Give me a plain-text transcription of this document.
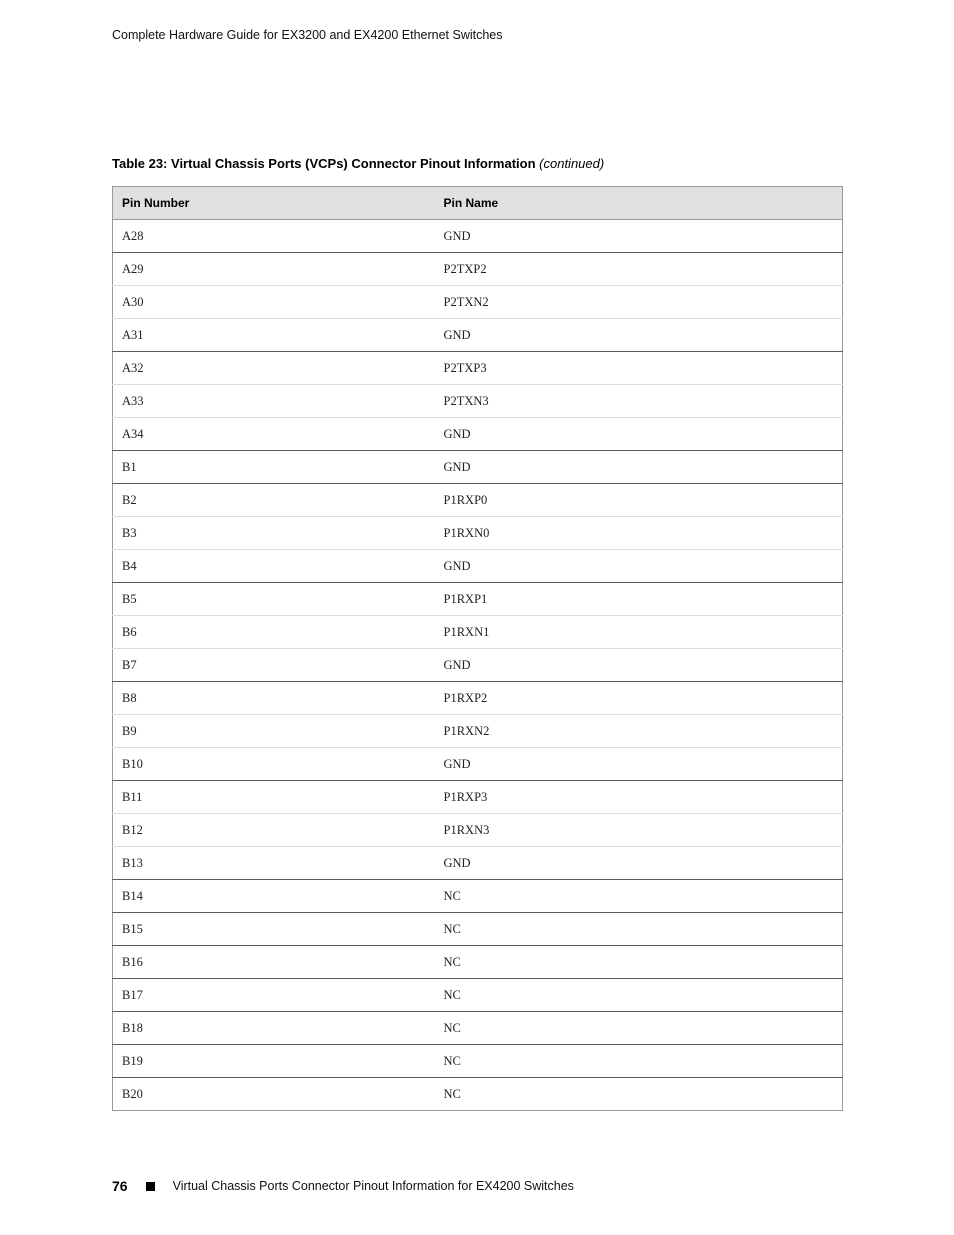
Complete Hardware Guide for EX3200 and EX4200 Ethernet Switches
Table 23: Virtual Chassis Ports (VCPs) Connector Pinout Information (continued)
Pin Number	Pin Name
A28	GND
A29	P2TXP2
A30	P2TXN2
A31	GND
A32	P2TXP3
A33	P2TXN3
A34	GND
B1	GND
B2	P1RXP0
B3	P1RXN0
B4	GND
B5	P1RXP1
B6	P1RXN1
B7	GND
B8	P1RXP2
B9	P1RXN2
B10	GND
B11	P1RXP3
B12	P1RXN3
B13	GND
B14	NC
B15	NC
B16	NC
B17	NC
B18	NC
B19	NC
B20	NC
76	Virtual Chassis Ports Connector Pinout Information for EX4200 Switches
